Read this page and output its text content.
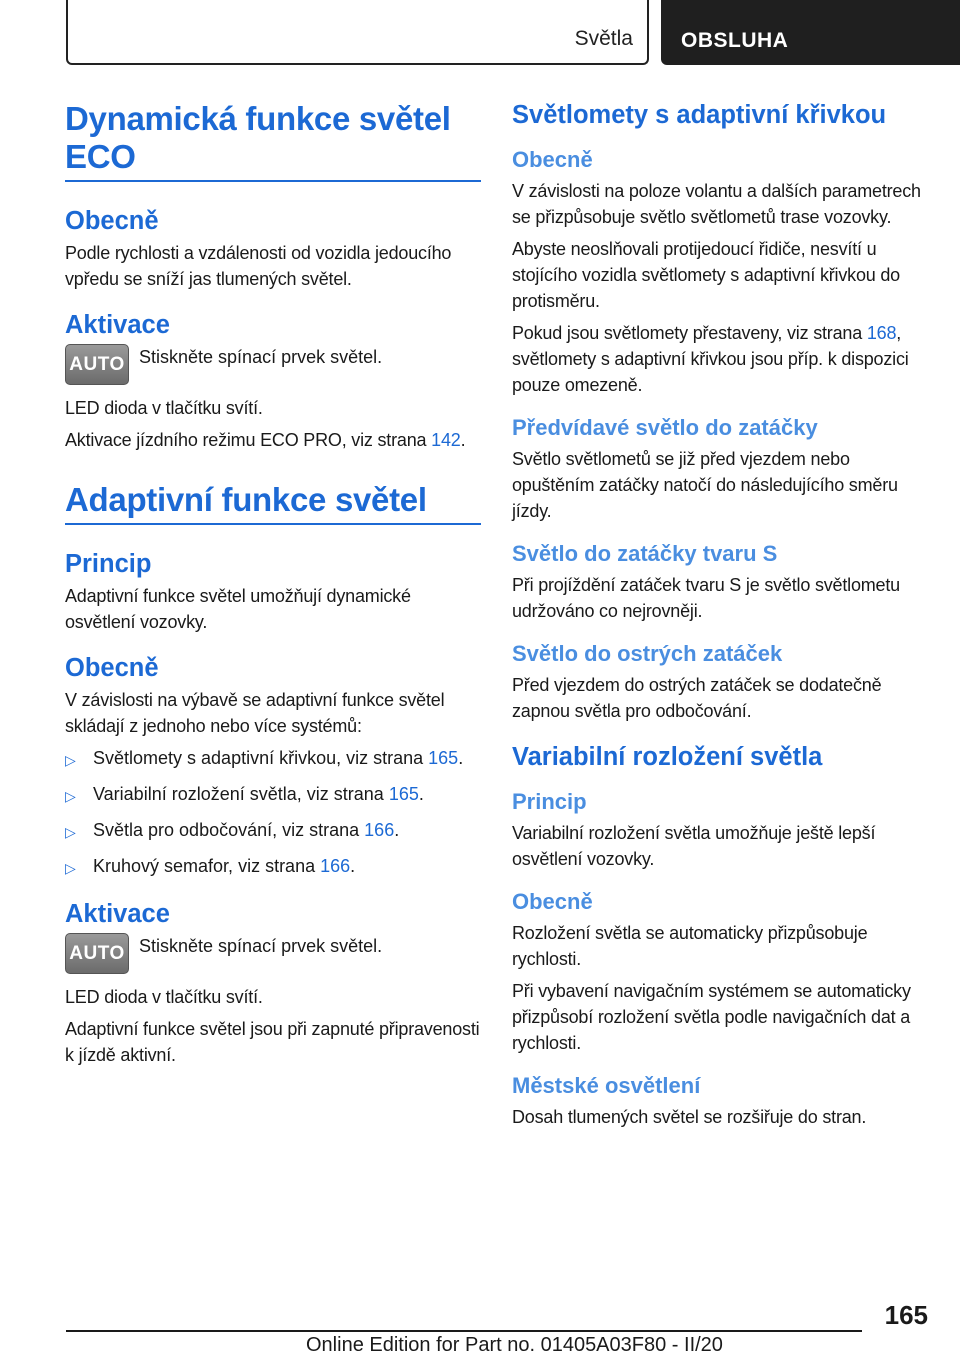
Světla OBSLUHA
Dynamická funkce světel ECO
Obecně

Podle rychlosti a vzdálenosti od vozidla jedoucího vpředu se sníží jas tlumených světel.

Aktivace
AUTO Stiskněte spínací prvek světel.

LED dioda v tlačítku svítí.

Aktivace jízdního režimu ECO PRO, viz strana 142.

Adaptivní funkce světel
Princip

Adaptivní funkce světel umožňují dynamické osvětlení vozovky.

Obecně

V závislosti na výbavě se adaptivní funkce světel skládají z jednoho nebo více systémů:

▷ Světlomety s adaptivní křivkou, viz strana 165.
▷ Variabilní rozložení světla, viz strana 165.
▷ Světla pro odbočování, viz strana 166.
▷ Kruhový semafor, viz strana 166.
Aktivace
AUTO Stiskněte spínací prvek světel.

LED dioda v tlačítku svítí.

Adaptivní funkce světel jsou při zapnuté připravenosti k jízdě aktivní.

Světlomety s adaptivní křivkou
Obecně

V závislosti na poloze volantu a dalších parametrech se přizpůsobuje světlo světlometů trase vozovky.

Abyste neoslňovali protijedoucí řidiče, nesvítí u stojícího vozidla světlomety s adaptivní křivkou do protisměru.

Pokud jsou světlomety přestaveny, viz strana 168, světlomety s adaptivní křivkou jsou příp. k dispozici pouze omezeně.

Předvídavé světlo do zatáčky

Světlo světlometů se již před vjezdem nebo opuštěním zatáčky natočí do následujícího směru jízdy.

Světlo do zatáčky tvaru S

Při projíždění zatáček tvaru S je světlo světlometu udržováno co nejrovněji.

Světlo do ostrých zatáček

Před vjezdem do ostrých zatáček se dodatečně zapnou světla pro odbočování.

Variabilní rozložení světla
Princip

Variabilní rozložení světla umožňuje ještě lepší osvětlení vozovky.

Obecně

Rozložení světla se automaticky přizpůsobuje rychlosti.

Při vybavení navigačním systémem se automaticky přizpůsobí rozložení světla podle navigačních dat a rychlosti.

Městské osvětlení

Dosah tlumených světel se rozšiřuje do stran.

165
Online Edition for Part no. 01405A03F80 - II/20
